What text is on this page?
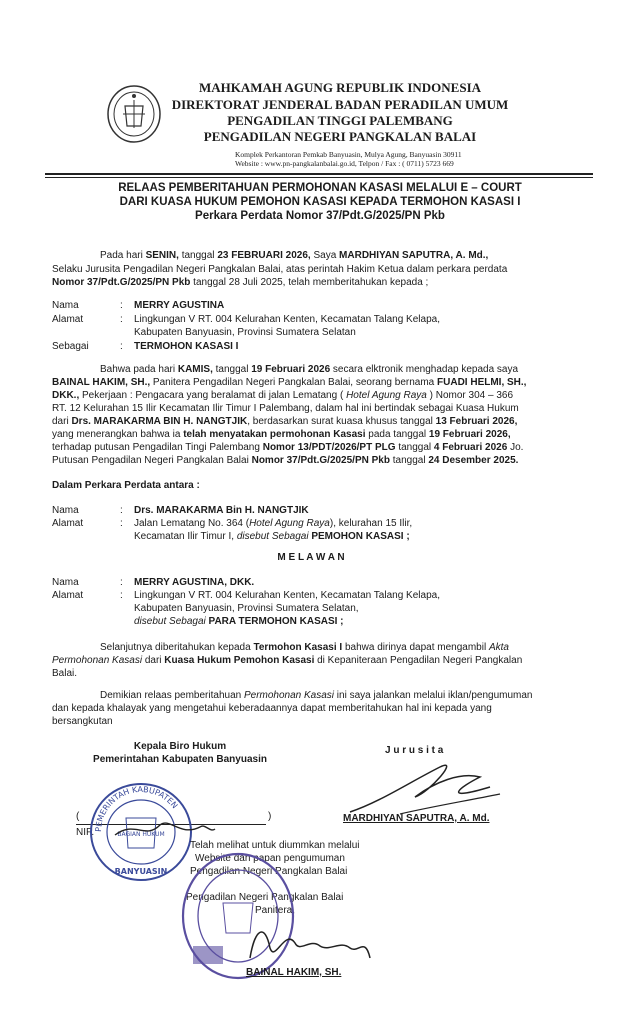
MAHKAMAH AGUNG REPUBLIK INDONESIA
DIREKTORAT JENDERAL BADAN PERADILAN UMUM
PENGADILAN TINGGI PALEMBANG
PENGADILAN NEGERI PANGKALAN BALAI
Komplek Perkantoran Pemkab Banyuasin, Mulya Agung, Banyuasin 30911
Website : www.pn-pangkalanbalai.go.id, Telpon / Fax : ( 0711) 5723 669
RELAAS PEMBERITAHUAN PERMOHONAN KASASI MELALUI E – COURT
DARI KUASA HUKUM PEMOHON KASASI KEPADA TERMOHON KASASI I
Perkara Perdata Nomor 37/Pdt.G/2025/PN Pkb
Pada hari SENIN, tanggal 23 FEBRUARI 2026, Saya MARDHIYAN SAPUTRA, A. Md.,
Selaku Jurusita Pengadilan Negeri Pangkalan Balai, atas perintah Hakim Ketua dalam perkara perdata
Nomor 37/Pdt.G/2025/PN Pkb tanggal 28 Juli 2025, telah memberitahukan kepada ;
Nama	: MERRY AGUSTINA
Alamat	: Lingkungan V RT. 004 Kelurahan Kenten, Kecamatan Talang Kelapa,
Kabupaten Banyuasin, Provinsi Sumatera Selatan
Sebagai	: TERMOHON KASASI I
Bahwa pada hari KAMIS, tanggal 19 Februari 2026 secara elktronik menghadap kepada saya
BAINAL HAKIM, SH., Panitera Pengadilan Negeri Pangkalan Balai, seorang bernama FUADI HELMI, SH.,
DKK., Pekerjaan : Pengacara yang beralamat di jalan Lematang ( Hotel Agung Raya ) Nomor 304 – 366
RT. 12 Kelurahan 15 Ilir Kecamatan Ilir Timur I Palembang, dalam hal ini bertindak sebagai Kuasa Hukum
dari Drs. MARAKARMA BIN H. NANGTJIK, berdasarkan surat kuasa khusus tanggal 13 Februari 2026,
yang menerangkan bahwa ia telah menyatakan permohonan Kasasi pada tanggal 19 Februari 2026,
terhadap putusan Pengadilan Tingi Palembang Nomor 13/PDT/2026/PT PLG tanggal 4 Februari 2026 Jo.
Putusan Pengadilan Negeri Pangkalan Balai Nomor 37/Pdt.G/2025/PN Pkb tanggal 24 Desember 2025.
Dalam Perkara Perdata antara :
Nama	: Drs. MARAKARMA Bin H. NANGTJIK
Alamat	: Jalan Lematang No. 364 (Hotel Agung Raya), kelurahan 15 Ilir,
Kecamatan Ilir Timur I, disebut Sebagai PEMOHON KASASI ;
M E L A W A N
Nama	: MERRY AGUSTINA, DKK.
Alamat	: Lingkungan V RT. 004 Kelurahan Kenten, Kecamatan Talang Kelapa,
Kabupaten Banyuasin, Provinsi Sumatera Selatan,
disebut Sebagai PARA TERMOHON KASASI ;
Selanjutnya diberitahukan kepada Termohon Kasasi I bahwa dirinya dapat mengambil Akta
Permohonan Kasasi dari Kuasa Hukum Pemohon Kasasi di Kepaniteraan Pengadilan Negeri Pangkalan
Balai.
Demikian relaas pemberitahuan Permohonan Kasasi ini saya jalankan melalui iklan/pengumuman
dan kepada khalayak yang mengetahui keberadaannya dapat memberitahukan hal ini kepada yang
bersangkutan
Kepala Biro Hukum
Pemerintahan Kabupaten Banyuasin
J u r u s i t a
MARDHIYAN SAPUTRA, A. Md.
(	)
NIP. PEMERINTAH KABUPATEN
BANYUASIN
BAGIAN HUKUM
Telah melihat untuk diummkan melalui
Website dan papan pengumuman
Pengadilan Negeri Pangkalan Balai
Pengadilan Negeri Pangkalan Balai
Panitera,
BAINAL HAKIM, SH.
